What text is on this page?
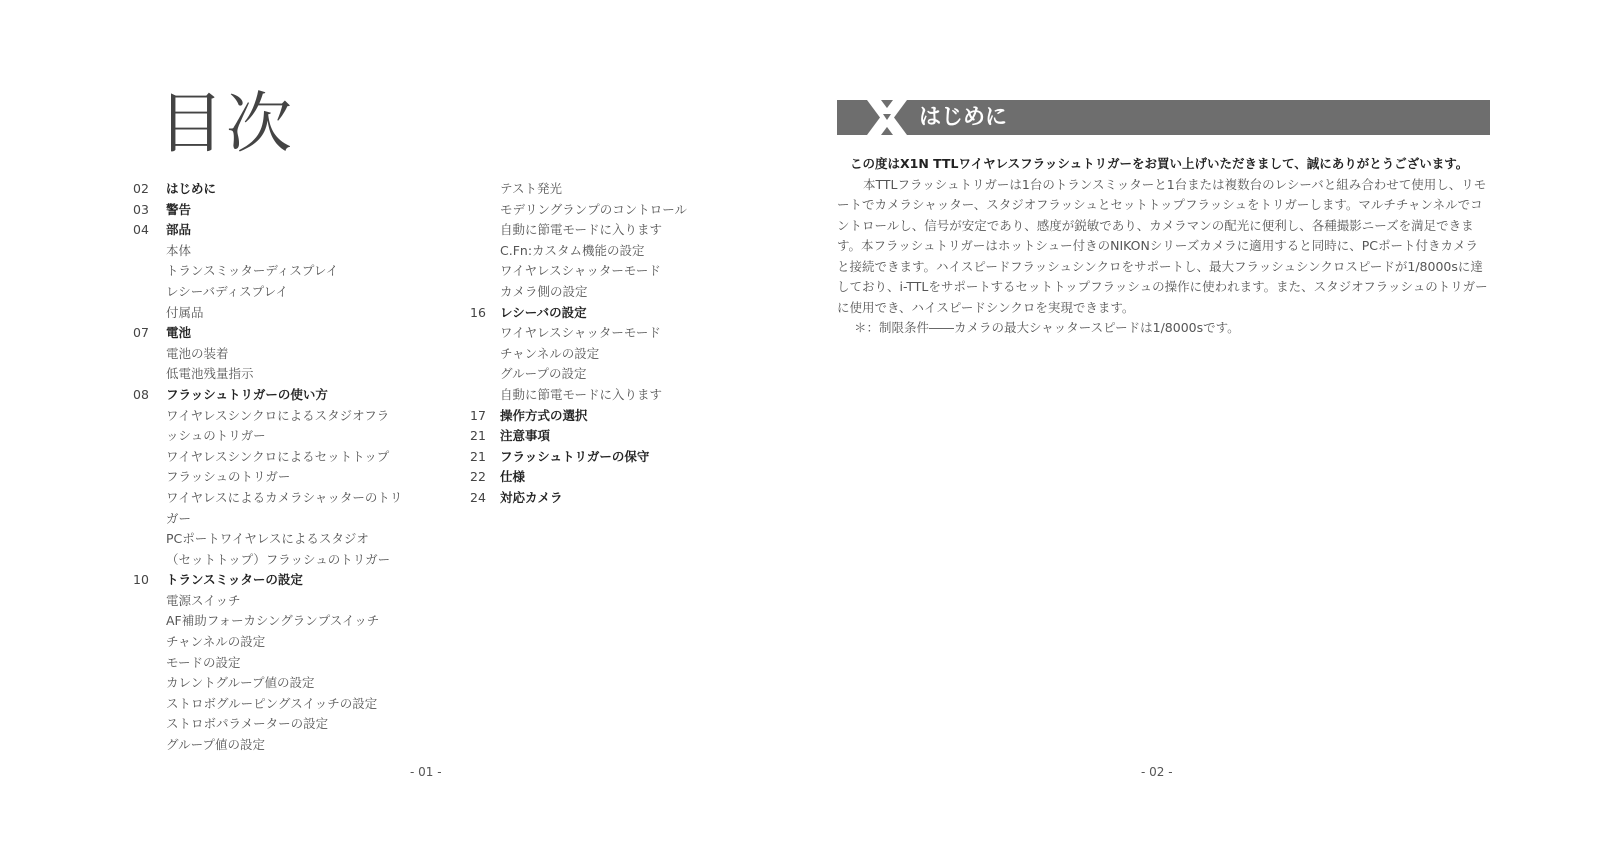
目次
02	はじめに
03	警告
04	部品
本体
トランスミッターディスプレイ
レシーバディスプレイ
付属品
07	電池
電池の装着
低電池残量指示
08	フラッシュトリガーの使い方
ワイヤレスシンクロによるスタジオフラ
ッシュのトリガー
ワイヤレスシンクロによるセットトップ
フラッシュのトリガー
ワイヤレスによるカメラシャッターのトリ
ガー
PCポートワイヤレスによるスタジオ
（セットトップ）フラッシュのトリガー
10	トランスミッターの設定
電源スイッチ
AF補助フォーカシングランプスイッチ
チャンネルの設定
モードの設定
カレントグループ値の設定
ストロボグルーピングスイッチの設定
ストロボパラメーターの設定
グループ値の設定
テスト発光
モデリングランプのコントロール
自動に節電モードに入ります
C.Fn:カスタム機能の設定
ワイヤレスシャッターモード
カメラ側の設定
16	レシーバの設定
ワイヤレスシャッターモード
チャンネルの設定
グループの設定
自動に節電モードに入ります
17	操作方式の選択
21	注意事項
21	フラッシュトリガーの保守
22	仕様
24	対応カメラ
- 01 -
はじめに

この度はX1N TTLワイヤレスフラッシュトリガーをお買い上げいただきまして、誠にありがとうございます。

本TTLフラッシュトリガーは1台のトランスミッターと1台または複数台のレシーバと組み合わせて使用し、リモートでカメラシャッター、スタジオフラッシュとセットトップフラッシュをトリガーします。マルチチャンネルでコントロールし、信号が安定であり、感度が鋭敏であり、カメラマンの配光に便利し、各種撮影ニーズを満足できます。本フラッシュトリガーはホットシュー付きのNIKONシリーズカメラに適用すると同時に、PCポート付きカメラと接続できます。ハイスピードフラッシュシンクロをサポートし、最大フラッシュシンクロスピードが1/8000sに達しており、i-TTLをサポートするセットトップフラッシュの操作に使われます。また、スタジオフラッシュのトリガーに使用でき、ハイスピードシンクロを実現できます。

＊：制限条件――カメラの最大シャッタースピードは1/8000sです。

- 02 -
